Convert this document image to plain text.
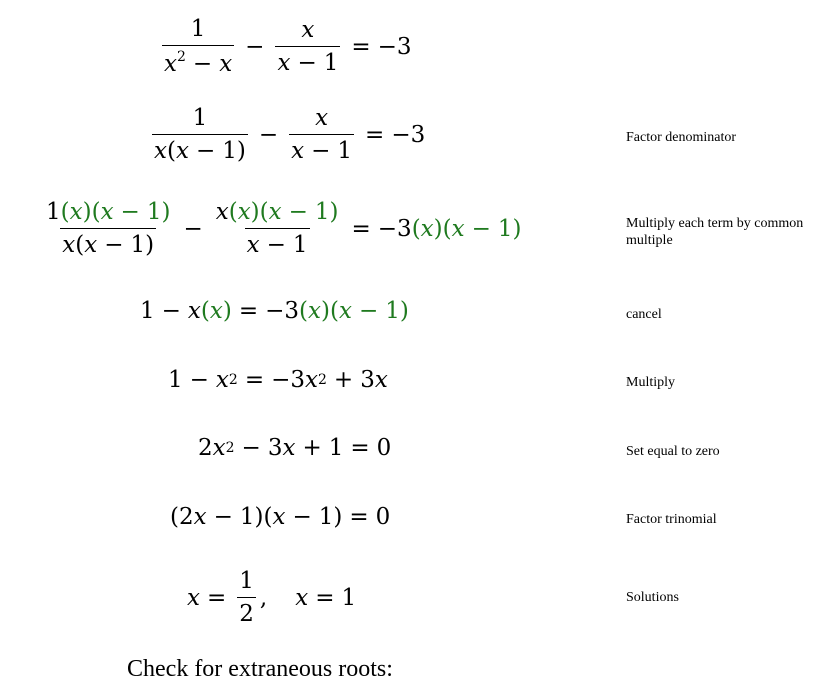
$\frac{1}{x^2 - x} - \frac{x}{x - 1} = -3$
$\frac{1}{x(x - 1)} - \frac{x}{x - 1} = -3$	Factor denominator
$\frac{1(x)(x - 1)}{x(x - 1)} - \frac{x(x)(x - 1)}{x - 1} = -3$ (x)(x − 1)	Multiply each term by common multiple
1 − x (x) = −3 (x)(x − 1)	cancel
1 − x 2 = −3 x 2 + 3 x	Multiply
2 x 2 − 3 x + 1 = 0	Set equal to zero
(2 x − 1)( x − 1) = 0	Factor trinomial
$x = \frac{1}{2}$ , x = 1	Solutions
Check for extraneous roots:
